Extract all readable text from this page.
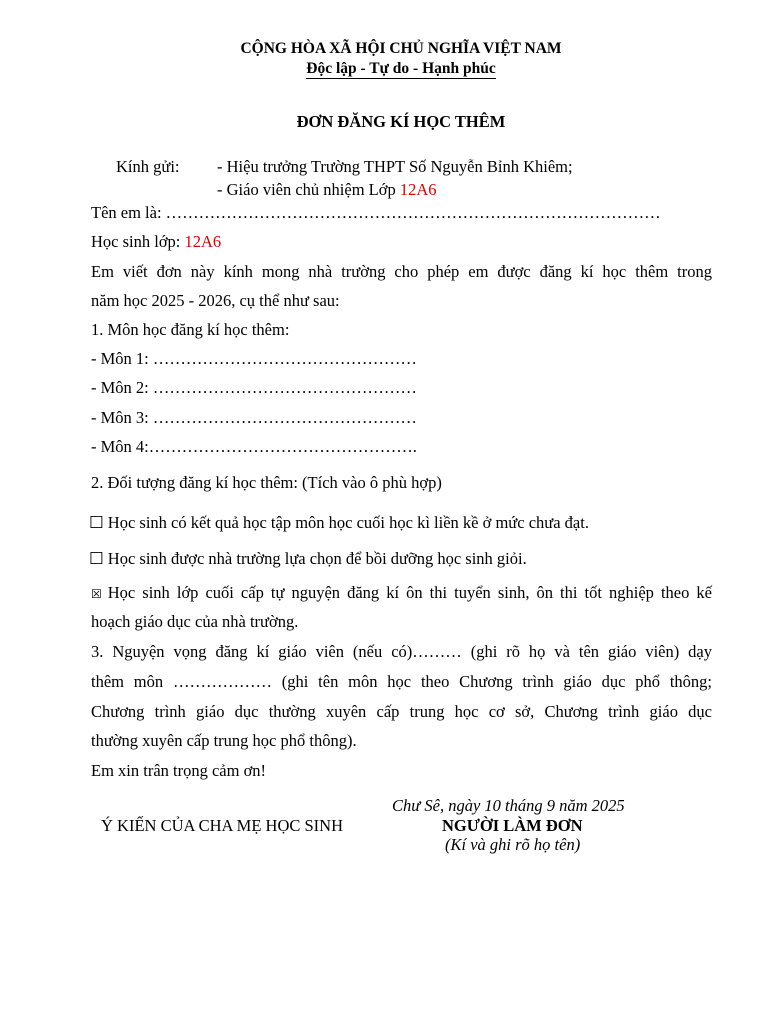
CỘNG HÒA XÃ HỘI CHỦ NGHĨA VIỆT NAM
Độc lập - Tự do - Hạnh phúc
ĐƠN ĐĂNG KÍ HỌC THÊM
Kính gửi: - Hiệu trưởng Trường THPT Số Nguyễn Bỉnh Khiêm;
- Giáo viên chủ nhiệm Lớp 12A6
Tên em là: ………………………………………………………………………………
Học sinh lớp: 12A6
Em viết đơn này kính mong nhà trường cho phép em được đăng kí học thêm trong
năm học 2025 - 2026, cụ thể như sau:
1. Môn học đăng kí học thêm:
- Môn 1: …………………………………………
- Môn 2: …………………………………………
- Môn 3: …………………………………………
- Môn 4:………………………………………….
2. Đối tượng đăng kí học thêm: (Tích vào ô phù hợp)
☐ Học sinh có kết quả học tập môn học cuối học kì liền kề ở mức chưa đạt.
☐ Học sinh được nhà trường lựa chọn để bồi dưỡng học sinh giỏi.
☒ Học sinh lớp cuối cấp tự nguyện đăng kí ôn thi tuyển sinh, ôn thi tốt nghiệp theo kế
hoạch giáo dục của nhà trường.
3. Nguyện vọng đăng kí giáo viên (nếu có)……… (ghi rõ họ và tên giáo viên) dạy
thêm môn ……………… (ghi tên môn học theo Chương trình giáo dục phổ thông;
Chương trình giáo dục thường xuyên cấp trung học cơ sở, Chương trình giáo dục
thường xuyên cấp trung học phổ thông).
Em xin trân trọng cảm ơn!
Chư Sê, ngày 10 tháng 9 năm 2025
Ý KIẾN CỦA CHA MẸ HỌC SINH	NGƯỜI LÀM ĐƠN
(Kí và ghi rõ họ tên)
